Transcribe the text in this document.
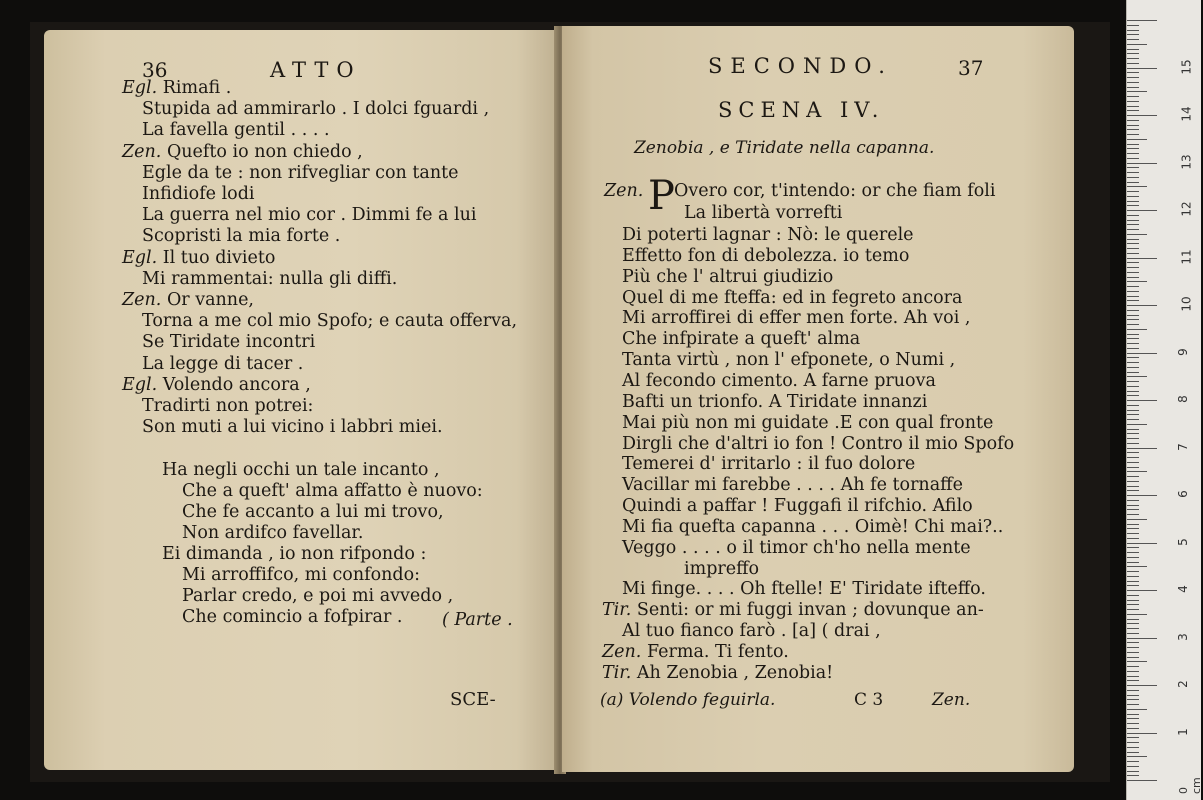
36	ATTO
Egl. Rimafi .
Stupida ad ammirarlo . I dolci fguardi ,
La favella gentil . . . .
Zen. Quefto io non chiedo ,
Egle da te : non rifvegliar con tante
Infidiofe lodi
La guerra nel mio cor . Dimmi fe a lui
Scopristi la mia forte .
Egl. Il tuo divieto
Mi rammentai: nulla gli diffi.
Zen. Or vanne,
Torna a me col mio Spofo; e cauta offerva,
Se Tiridate incontri
La legge di tacer .
Egl. Volendo ancora ,
Tradirti non potrei:
Son muti a lui vicino i labbri miei.
Ha negli occhi un tale incanto ,
Che a queft' alma affatto è nuovo:
Che fe accanto a lui mi trovo,
Non ardifco favellar.
Ei dimanda , io non rifpondo :
Mi arroffifco, mi confondo:
Parlar credo, e poi mi avvedo ,
Che comincio a fofpirar . ( Parte .
SCE-
SECONDO.	37
SCENA IV.
Zenobia , e Tiridate nella capanna.
Zen. P Overo cor, t'intendo: or che fiam foli
La libertà vorrefti
Di poterti lagnar : Nò: le querele
Effetto fon di debolezza. io temo
Più che l' altrui giudizio
Quel di me fteffa: ed in fegreto ancora
Mi arroffirei di effer men forte. Ah voi ,
Che infpirate a queft' alma
Tanta virtù , non l' efponete, o Numi ,
Al fecondo cimento. A farne pruova
Bafti un trionfo. A Tiridate innanzi
Mai più non mi guidate .E con qual fronte
Dirgli che d'altri io fon ! Contro il mio Spofo
Temerei d' irritarlo : il fuo dolore
Vacillar mi farebbe . . . . Ah fe tornaffe
Quindi a paffar ! Fuggafi il rifchio. Afilo
Mi fia quefta capanna . . . Oimè! Chi mai?..
Veggo . . . . o il timor ch'ho nella mente
impreffo
Mi finge. . . . Oh ftelle! E' Tiridate ifteffo.
Tir. Senti: or mi fuggi invan ; dovunque an-
Al tuo fianco farò . [a] ( drai ,
Zen. Ferma. Ti fento.
Tir. Ah Zenobia , Zenobia!
(a) Volendo feguirla.	C 3	Zen.
0 cm
1
2
3
4
5
6
7
8
9
10
11
12
13
14
15
